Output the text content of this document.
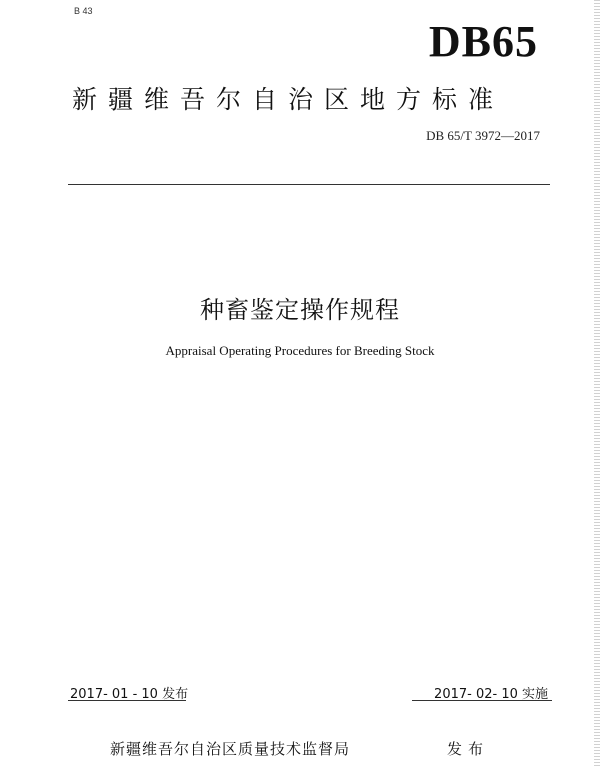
B 43
DB65
新疆维吾尔自治区地方标准
DB 65/T 3972—2017
种畜鉴定操作规程
Appraisal Operating Procedures for Breeding Stock
2017- 01 - 10 发布	2017- 02- 10 实施
新疆维吾尔自治区质量技术监督局	发布
